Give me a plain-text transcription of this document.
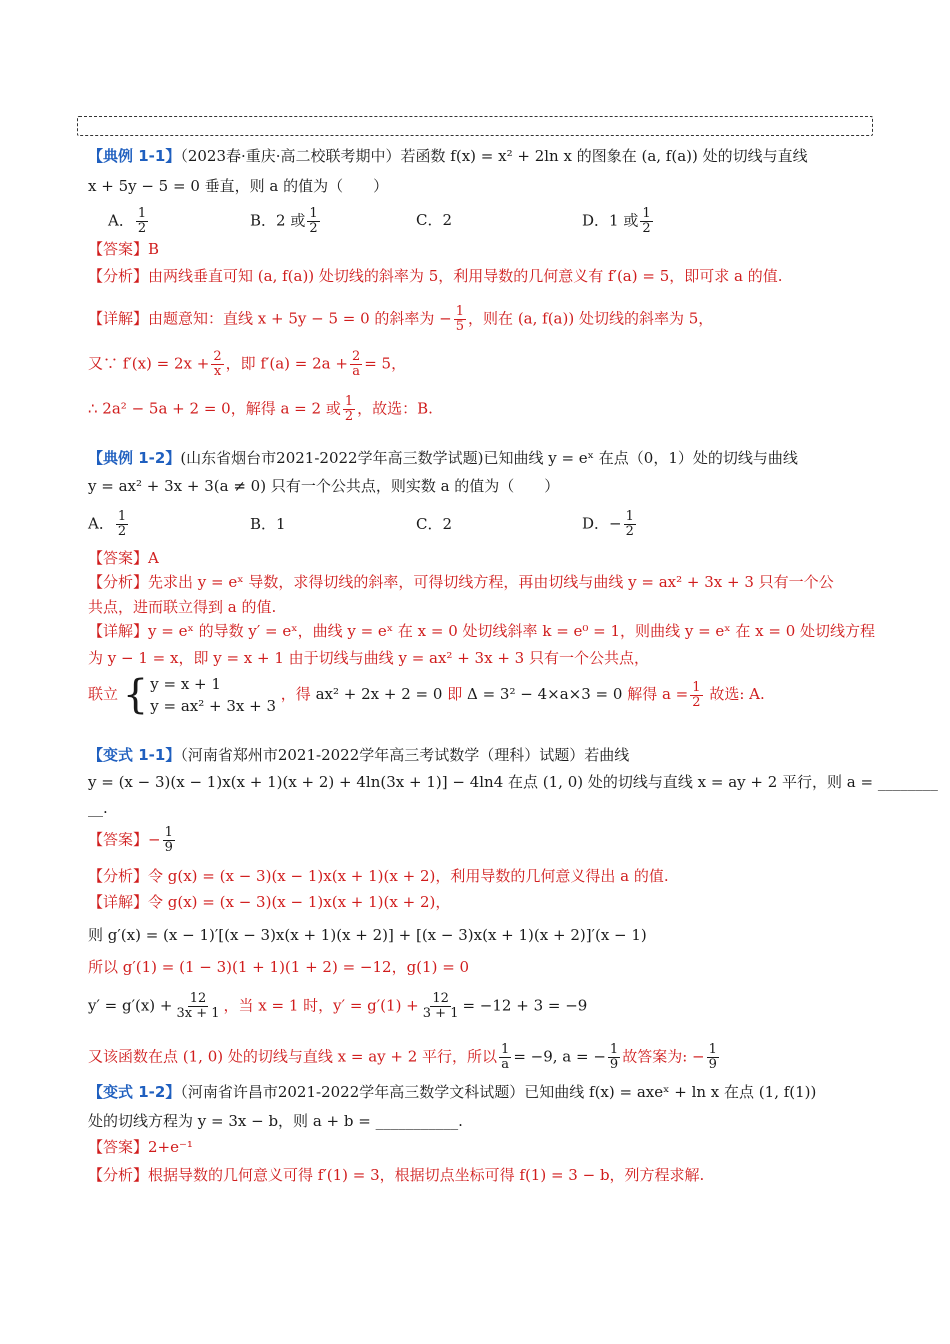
【典例 1-1】（2023春·重庆·高二校联考期中）若函数 f(x) = x² + 2ln x 的图象在 (a, f(a)) 处的切线与直线
x + 5y − 5 = 0 垂直，则 a 的值为（　　）
A． $\frac{1}{2}$	B．2 或 $\frac{1}{2}$	C．2	D．1 或 $\frac{1}{2}$
【答案】B
【分析】由两线垂直可知 (a, f(a)) 处切线的斜率为 5，利用导数的几何意义有 f′(a) = 5，即可求 a 的值.
【详解】由题意知：直线 x + 5y − 5 = 0 的斜率为 − $\frac{1}{5}$ ，则在 (a, f(a)) 处切线的斜率为 5，
又∵ $f'(x) = 2x + \frac{2}{x}$ ，即 $f'(a) = 2a + \frac{2}{a} = 5$，
∴ 2a² − 5a + 2 = 0，解得 a = 2 或 $\frac{1}{2}$ ，故选：B.
【典例 1-2】(山东省烟台市2021-2022学年高三数学试题)已知曲线 y = eˣ 在点（0，1）处的切线与曲线
y = ax² + 3x + 3(a ≠ 0) 只有一个公共点，则实数 a 的值为（　　）
A． $\frac{1}{2}$	B．1	C．2	D．− $\frac{1}{2}$
【答案】A
【分析】先求出 y = eˣ 导数，求得切线的斜率，可得切线方程，再由切线与曲线 y = ax² + 3x + 3 只有一个公
共点，进而联立得到 a 的值.
【详解】y = eˣ 的导数 y′ = eˣ，曲线 y = eˣ 在 x = 0 处切线斜率 k = e⁰ = 1，则曲线 y = eˣ 在 x = 0 处切线方程
为 y − 1 = x，即 y = x + 1 由于切线与曲线 y = ax² + 3x + 3 只有一个公共点，
联立 { y = x + 1
y = ax² + 3x + 3
，得 ax² + 2x + 2 = 0 即 Δ = 3² − 4×a×3 = 0 解得 $a = \frac{1}{2}$ 故选: A.
【变式 1-1】（河南省郑州市2021-2022学年高三考试数学（理科）试题）若曲线
y = (x − 3)(x − 1)x(x + 1)(x + 2) + 4ln(3x + 1)] − 4ln4 在点 (1, 0) 处的切线与直线 x = ay + 2 平行，则 a = ________
__.
【答案】− $\frac{1}{9}$
【分析】令 g(x) = (x − 3)(x − 1)x(x + 1)(x + 2)，利用导数的几何意义得出 a 的值.
【详解】令 g(x) = (x − 3)(x − 1)x(x + 1)(x + 2)，
则 g′(x) = (x − 1)′[(x − 3)x(x + 1)(x + 2)] + [(x − 3)x(x + 1)(x + 2)]′(x − 1)
所以 g′(1) = (1 − 3)(1 + 1)(1 + 2) = −12，g(1) = 0
$y' = g'(x) + \frac{12}{3x + 1}$ ，当 x = 1 时，$y' = g'(1) + \frac{12}{3 + 1} = -12 + 3 = -9$
又该函数在点 (1, 0) 处的切线与直线 x = ay + 2 平行，所以 $\frac{1}{a} = -9$, a = − $\frac{1}{9}$ 故答案为: − $\frac{1}{9}$
【变式 1-2】（河南省许昌市2021-2022学年高三数学文科试题）已知曲线 f(x) = axeˣ + ln x 在点 (1, f(1))
处的切线方程为 y = 3x − b，则 a + b = ___________.
【答案】2+e⁻¹
【分析】根据导数的几何意义可得 f′(1) = 3，根据切点坐标可得 f(1) = 3 − b，列方程求解.
